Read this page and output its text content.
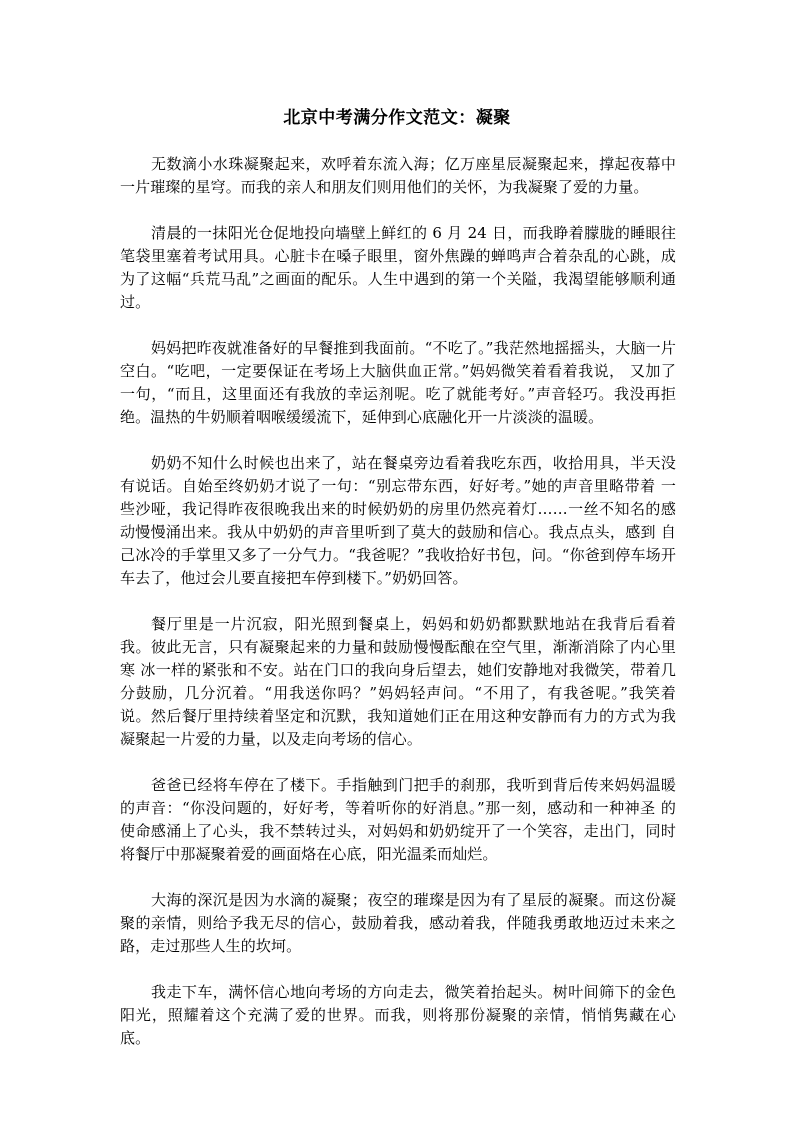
北京中考满分作文范文：凝聚

无数滴小水珠凝聚起来，欢呼着东流入海；亿万座星辰凝聚起来，撑起夜幕中一片璀璨的星穹。而我的亲人和朋友们则用他们的关怀，为我凝聚了爱的力量。

清晨的一抹阳光仓促地投向墙壁上鲜红的 6 月 24 日，而我睁着朦胧的睡眼往笔袋里塞着考试用具。心脏卡在嗓子眼里，窗外焦躁的蝉鸣声合着杂乱的心跳，成为了这幅“兵荒马乱”之画面的配乐。人生中遇到的第一个关隘，我渴望能够顺利通过。

妈妈把昨夜就准备好的早餐推到我面前。“不吃了。”我茫然地摇摇头，大脑一片空白。“吃吧，一定要保证在考场上大脑供血正常。”妈妈微笑着看着我说， 又加了一句，“而且，这里面还有我放的幸运剂呢。吃了就能考好。”声音轻巧。我没再拒绝。温热的牛奶顺着咽喉缓缓流下，延伸到心底融化开一片淡淡的温暖。

奶奶不知什么时候也出来了，站在餐桌旁边看着我吃东西，收拾用具，半天没有说话。自始至终奶奶才说了一句：“别忘带东西，好好考。”她的声音里略带着 一些沙哑，我记得昨夜很晚我出来的时候奶奶的房里仍然亮着灯……一丝不知名的感动慢慢涌出来。我从中奶奶的声音里听到了莫大的鼓励和信心。我点点头，感到 自己冰冷的手掌里又多了一分气力。“我爸呢？”我收拾好书包，问。“你爸到停车场开车去了，他过会儿要直接把车停到楼下。”奶奶回答。

餐厅里是一片沉寂，阳光照到餐桌上，妈妈和奶奶都默默地站在我背后看着我。彼此无言，只有凝聚起来的力量和鼓励慢慢酝酿在空气里，渐渐消除了内心里寒 冰一样的紧张和不安。站在门口的我向身后望去，她们安静地对我微笑，带着几分鼓励，几分沉着。“用我送你吗？”妈妈轻声问。“不用了，有我爸呢。”我笑着 说。然后餐厅里持续着坚定和沉默，我知道她们正在用这种安静而有力的方式为我凝聚起一片爱的力量，以及走向考场的信心。

爸爸已经将车停在了楼下。手指触到门把手的刹那，我听到背后传来妈妈温暖的声音：“你没问题的，好好考，等着听你的好消息。”那一刻，感动和一种神圣 的使命感涌上了心头，我不禁转过头，对妈妈和奶奶绽开了一个笑容，走出门，同时将餐厅中那凝聚着爱的画面烙在心底，阳光温柔而灿烂。

大海的深沉是因为水滴的凝聚；夜空的璀璨是因为有了星辰的凝聚。而这份凝聚的亲情，则给予我无尽的信心，鼓励着我，感动着我，伴随我勇敢地迈过未来之路，走过那些人生的坎坷。

我走下车，满怀信心地向考场的方向走去，微笑着抬起头。树叶间筛下的金色阳光，照耀着这个充满了爱的世界。而我，则将那份凝聚的亲情，悄悄隽藏在心底。
